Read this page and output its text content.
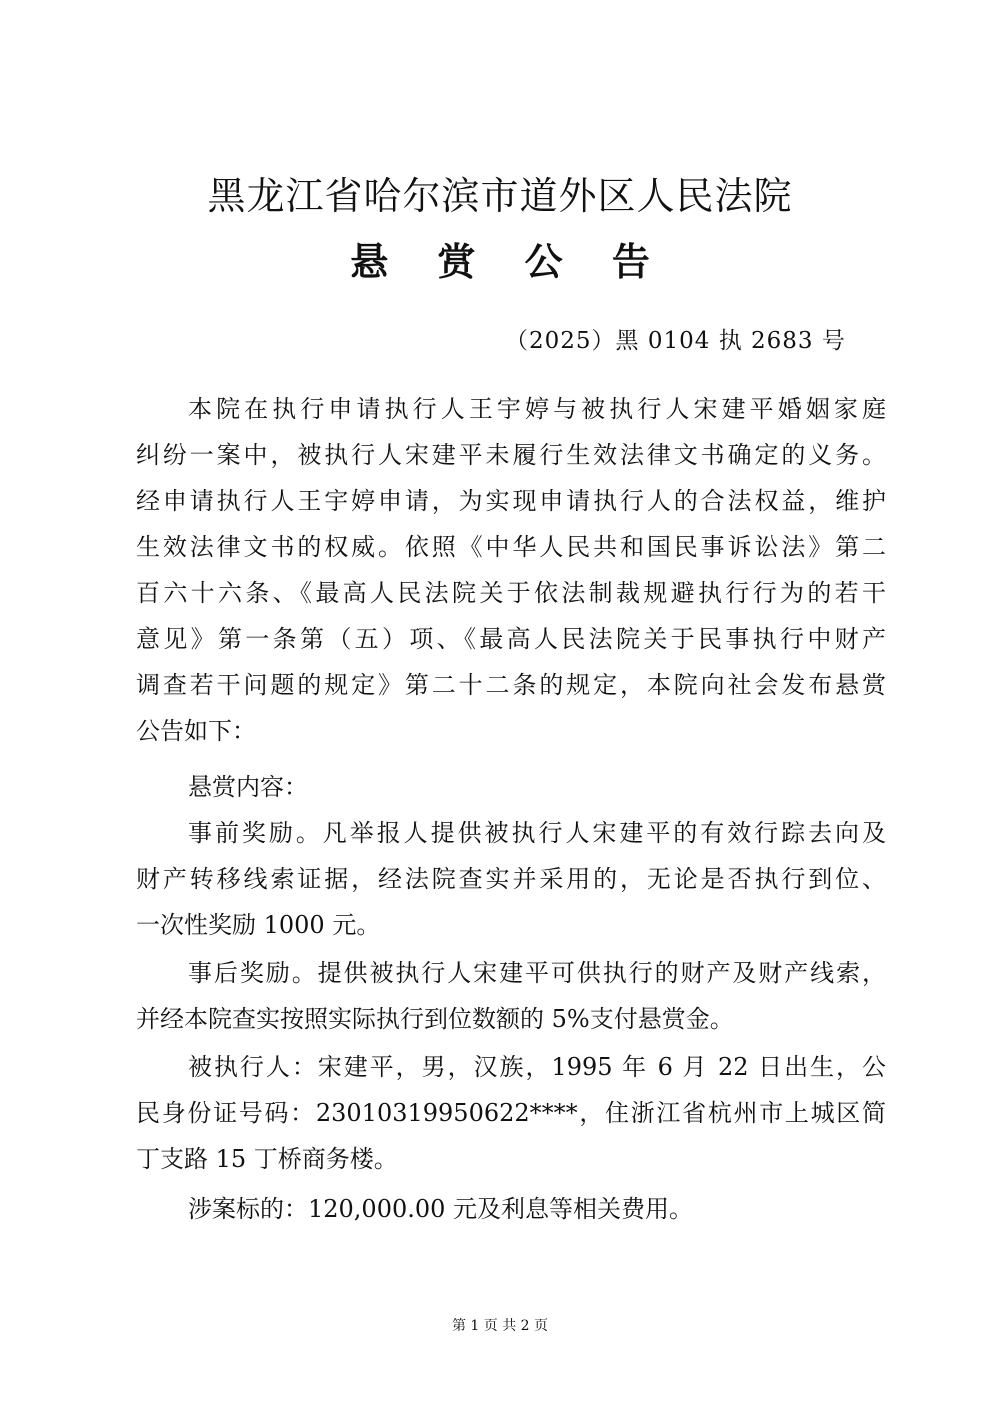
黑龙江省哈尔滨市道外区人民法院
悬 赏 公 告
（2025）黑 0104 执 2683 号
本院在执行申请执行人王宇婷与被执行人宋建平婚姻家庭
纠纷一案中，被执行人宋建平未履行生效法律文书确定的义务。
经申请执行人王宇婷申请，为实现申请执行人的合法权益，维护
生效法律文书的权威。依照《中华人民共和国民事诉讼法》第二
百六十六条、《最高人民法院关于依法制裁规避执行行为的若干
意见》第一条第（五）项、《最高人民法院关于民事执行中财产
调查若干问题的规定》第二十二条的规定，本院向社会发布悬赏
公告如下：
悬赏内容：
事前奖励。凡举报人提供被执行人宋建平的有效行踪去向及
财产转移线索证据，经法院查实并采用的，无论是否执行到位、
一次性奖励 1000 元。
事后奖励。提供被执行人宋建平可供执行的财产及财产线索，
并经本院查实按照实际执行到位数额的 5%支付悬赏金。
被执行人：宋建平，男，汉族，1995 年 6 月 22 日出生，公
民身份证号码：23010319950622****，住浙江省杭州市上城区简
丁支路 15 丁桥商务楼。
涉案标的：120,000.00 元及利息等相关费用。
第 1 页 共 2 页
